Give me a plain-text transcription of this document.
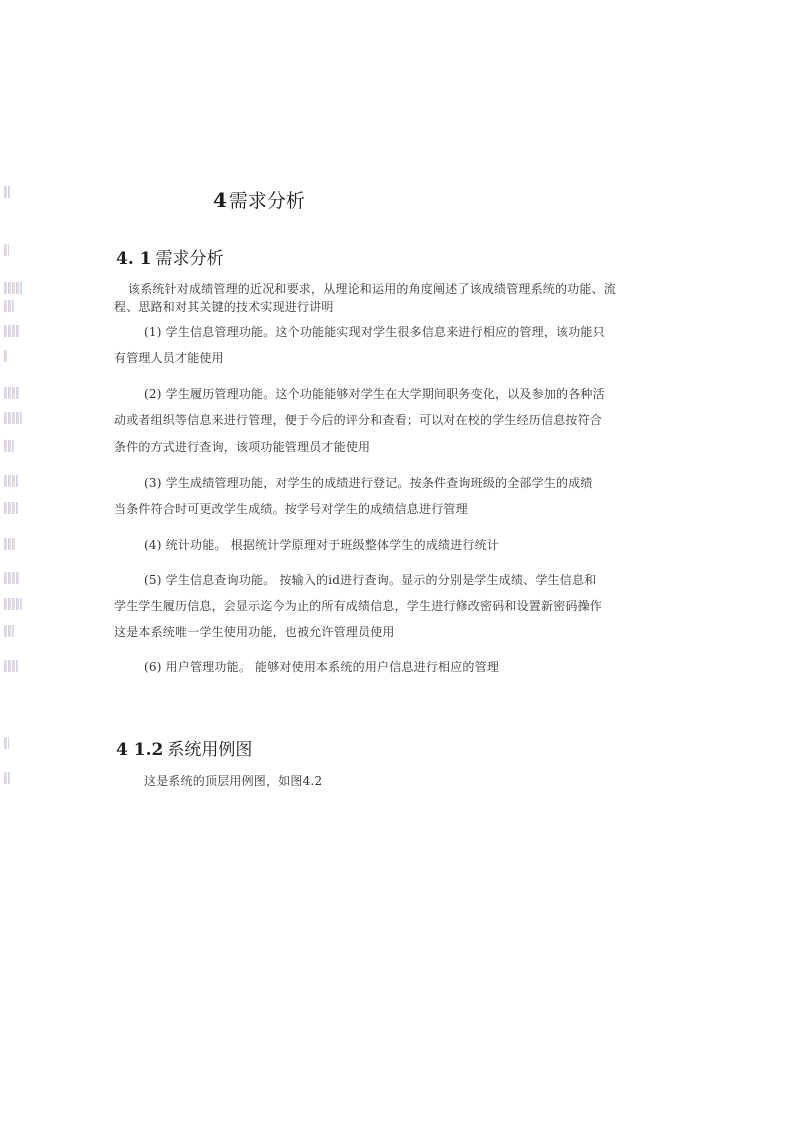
4 需求分析
4. 1 需求分析
该系统针对成绩管理的近况和要求，从理论和运用的角度阐述了该成绩管理系统的功能、流
程、思路和对其关键的技术实现进行讲明
(1) 学生信息管理功能。这个功能能实现对学生很多信息来进行相应的管理，该功能只
有管理人员才能使用
(2) 学生履历管理功能。这个功能能够对学生在大学期间职务变化，以及参加的各种活
动或者组织等信息来进行管理，便于今后的评分和查看；可以对在校的学生经历信息按符合
条件的方式进行查询，该项功能管理员才能使用
(3) 学生成绩管理功能，对学生的成绩进行登记。按条件查询班级的全部学生的成绩
当条件符合时可更改学生成绩。按学号对学生的成绩信息进行管理
(4) 统计功能。 根据统计学原理对于班级整体学生的成绩进行统计
(5) 学生信息查询功能。 按输入的id进行查询。显示的分别是学生成绩、学生信息和
学生学生履历信息，会显示迄今为止的所有成绩信息，学生进行修改密码和设置新密码操作
这是本系统唯一学生使用功能，也被允许管理员使用
(6) 用户管理功能。 能够对使用本系统的用户信息进行相应的管理
4 1.2 系统用例图
这是系统的顶层用例图，如图4.2
